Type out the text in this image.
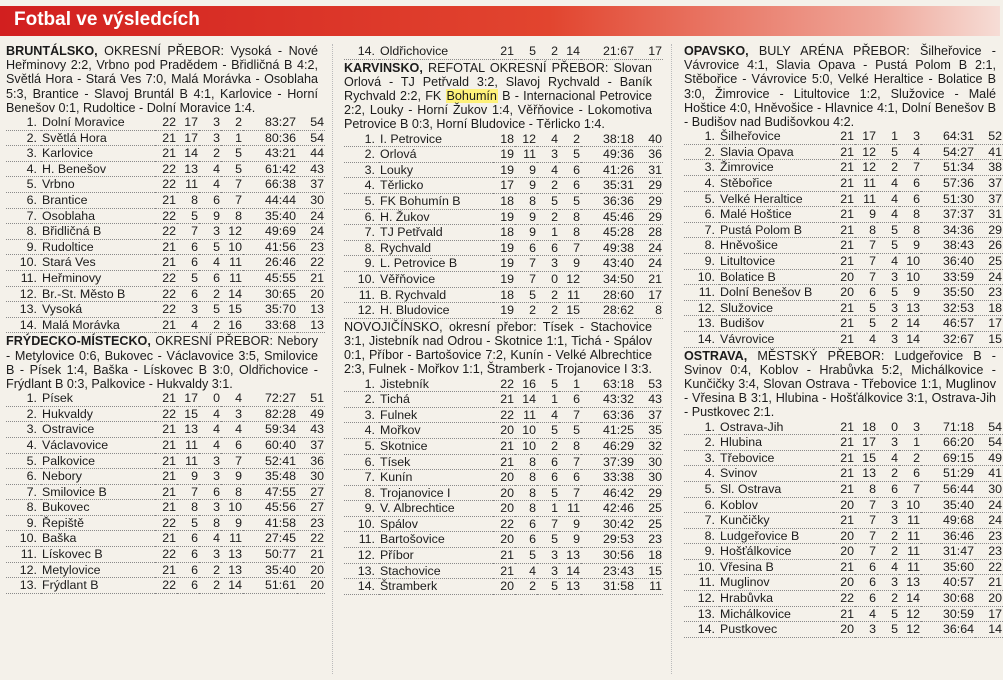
Fotbal ve výsledcích

BRUNTÁLSKO, OKRESNÍ PŘEBOR: Vysoká - Nové Heřminovy 2:2, Vrbno pod Pradědem - Břidličná B 4:2, Světlá Hora - Stará Ves 7:0, Malá Morávka - Osoblaha 5:3, Brantice - Slavoj Bruntál B 4:1, Karlovice - Horní Benešov 0:1, Rudoltice - Dolní Moravice 1:4.

1.	Dolní Moravice	22	17	3	2	83:27	54
2.	Světlá Hora	21	17	3	1	80:36	54
3.	Karlovice	21	14	2	5	43:21	44
4.	H. Benešov	22	13	4	5	61:42	43
5.	Vrbno	22	11	4	7	66:38	37
6.	Brantice	21	8	6	7	44:44	30
7.	Osoblaha	22	5	9	8	35:40	24
8.	Břidličná B	22	7	3	12	49:69	24
9.	Rudoltice	21	6	5	10	41:56	23
10.	Stará Ves	21	6	4	11	26:46	22
11.	Heřminovy	22	5	6	11	45:55	21
12.	Br.-St. Město B	22	6	2	14	30:65	20
13.	Vysoká	22	3	5	15	35:70	13
14.	Malá Morávka	21	4	2	16	33:68	13

FRÝDECKO-MÍSTECKO, OKRESNÍ PŘEBOR: Nebory - Metylovice 0:6, Bukovec - Václavovice 3:5, Smilovice B - Písek 1:4, Baška - Lískovec B 3:0, Oldřichovice - Frýdlant B 0:3, Palkovice - Hukvaldy 3:1.

1.	Písek	21	17	0	4	72:27	51
2.	Hukvaldy	22	15	4	3	82:28	49
3.	Ostravice	21	13	4	4	59:34	43
4.	Václavovice	21	11	4	6	60:40	37
5.	Palkovice	21	11	3	7	52:41	36
6.	Nebory	21	9	3	9	35:48	30
7.	Smilovice B	21	7	6	8	47:55	27
8.	Bukovec	21	8	3	10	45:56	27
9.	Řepiště	22	5	8	9	41:58	23
10.	Baška	21	6	4	11	27:45	22
11.	Lískovec B	22	6	3	13	50:77	21
12.	Metylovice	21	6	2	13	35:40	20
13.	Frýdlant B	22	6	2	14	51:61	20
14.	Oldřichovice	21	5	2	14	21:67	17

KARVINSKO, REFOTAL OKRESNÍ PŘEBOR: Slovan Orlová - TJ Petřvald 3:2, Slavoj Rychvald - Baník Rychvald 2:2, FK Bohumín B - Internacional Petrovice 2:2, Louky - Horní Žukov 1:4, Věřňovice - Lokomotiva Petrovice B 0:3, Horní Bludovice - Těrlicko 1:4.

1.	I. Petrovice	18	12	4	2	38:18	40
2.	Orlová	19	11	3	5	49:36	36
3.	Louky	19	9	4	6	41:26	31
4.	Těrlicko	17	9	2	6	35:31	29
5.	FK Bohumín B	18	8	5	5	36:36	29
6.	H. Žukov	19	9	2	8	45:46	29
7.	TJ Petřvald	18	9	1	8	45:28	28
8.	Rychvald	19	6	6	7	49:38	24
9.	L. Petrovice B	19	7	3	9	43:40	24
10.	Věřňovice	19	7	0	12	34:50	21
11.	B. Rychvald	18	5	2	11	28:60	17
12.	H. Bludovice	19	2	2	15	28:62	8

NOVOJIČÍNSKO, okresní přebor: Tísek - Stachovice 3:1, Jistebník nad Odrou - Skotnice 1:1, Tichá - Spálov 0:1, Příbor - Bartošovice 7:2, Kunín - Velké Albrechtice 2:3, Fulnek - Mořkov 1:1, Štramberk - Trojanovice I 3:3.

1.	Jistebník	22	16	5	1	63:18	53
2.	Tichá	21	14	1	6	43:32	43
3.	Fulnek	22	11	4	7	63:36	37
4.	Mořkov	20	10	5	5	41:25	35
5.	Skotnice	21	10	2	8	46:29	32
6.	Tísek	21	8	6	7	37:39	30
7.	Kunín	20	8	6	6	33:38	30
8.	Trojanovice I	20	8	5	7	46:42	29
9.	V. Albrechtice	20	8	1	11	42:46	25
10.	Spálov	22	6	7	9	30:42	25
11.	Bartošovice	20	6	5	9	29:53	23
12.	Příbor	21	5	3	13	30:56	18
13.	Stachovice	21	4	3	14	23:43	15
14.	Štramberk	20	2	5	13	31:58	11

OPAVSKO, BULY ARÉNA PŘEBOR: Šilheřovice - Vávrovice 4:1, Slavia Opava - Pustá Polom B 2:1, Stěbořice - Vávrovice 5:0, Velké Heraltice - Bolatice B 3:0, Žimrovice - Litultovice 1:2, Služovice - Malé Hoštice 4:0, Hněvošice - Hlavnice 4:1, Dolní Benešov B - Budišov nad Budišovkou 4:2.

1.	Šilheřovice	21	17	1	3	64:31	52
2.	Slavia Opava	21	12	5	4	54:27	41
3.	Žimrovice	21	12	2	7	51:34	38
4.	Stěbořice	21	11	4	6	57:36	37
5.	Velké Heraltice	21	11	4	6	51:30	37
6.	Malé Hoštice	21	9	4	8	37:37	31
7.	Pustá Polom B	21	8	5	8	34:36	29
8.	Hněvošice	21	7	5	9	38:43	26
9.	Litultovice	21	7	4	10	36:40	25
10.	Bolatice B	20	7	3	10	33:59	24
11.	Dolní Benešov B	20	6	5	9	35:50	23
12.	Služovice	21	5	3	13	32:53	18
13.	Budišov	21	5	2	14	46:57	17
14.	Vávrovice	21	4	3	14	32:67	15

OSTRAVA, MĚSTSKÝ PŘEBOR: Ludgeřovice B - Svinov 0:4, Koblov - Hrabůvka 5:2, Michálkovice - Kunčičky 3:4, Slovan Ostrava - Třebovice 1:1, Muglinov - Vřesina B 3:1, Hlubina - Hošťálkovice 3:1, Ostrava-Jih - Pustkovec 2:1.

1.	Ostrava-Jih	21	18	0	3	71:18	54
2.	Hlubina	21	17	3	1	66:20	54
3.	Třebovice	21	15	4	2	69:15	49
4.	Svinov	21	13	2	6	51:29	41
5.	Sl. Ostrava	21	8	6	7	56:44	30
6.	Koblov	20	7	3	10	35:40	24
7.	Kunčičky	21	7	3	11	49:68	24
8.	Ludgeřovice B	20	7	2	11	36:46	23
9.	Hošťálkovice	20	7	2	11	31:47	23
10.	Vřesina B	21	6	4	11	35:60	22
11.	Muglinov	20	6	3	13	40:57	21
12.	Hrabůvka	22	6	2	14	30:68	20
13.	Michálkovice	21	4	5	12	30:59	17
14.	Pustkovec	20	3	5	12	36:64	14
